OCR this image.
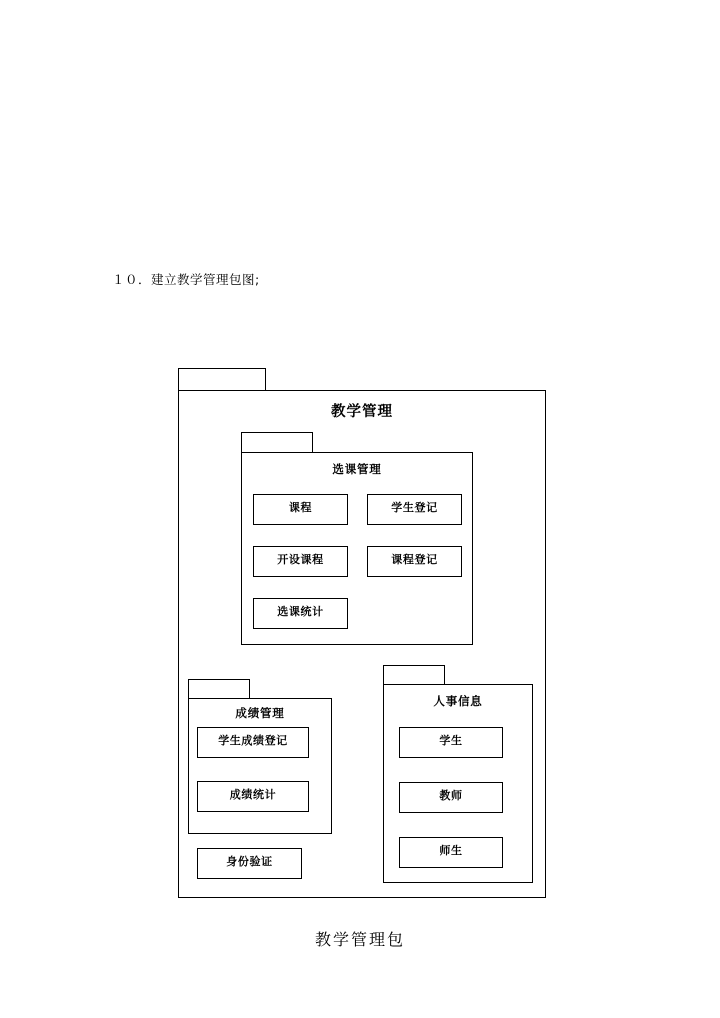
１０．建立教学管理包图;
教学管理
选课管理
课程	学生登记
开设课程	课程登记
选课统计
成绩管理
学生成绩登记
成绩统计
身份验证
人事信息
学生
教师
师生
教学管理包
